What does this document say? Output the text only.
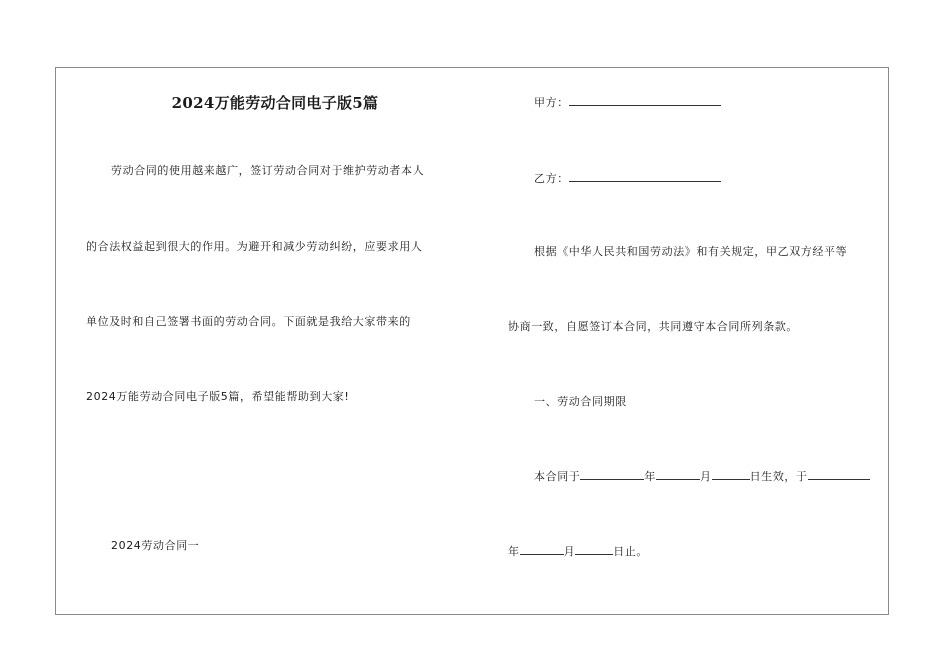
2024万能劳动合同电子版5篇

劳动合同的使用越来越广，签订劳动合同对于维护劳动者本人

的合法权益起到很大的作用。为避开和减少劳动纠纷，应要求用人

单位及时和自己签署书面的劳动合同。下面就是我给大家带来的

2024万能劳动合同电子版5篇，希望能帮助到大家!

2024劳动合同一

甲方：

乙方：

根据《中华人民共和国劳动法》和有关规定，甲乙双方经平等

协商一致，自愿签订本合同，共同遵守本合同所列条款。

一、劳动合同期限

本合同于	年	月	日生效，于

年	月	日止。
